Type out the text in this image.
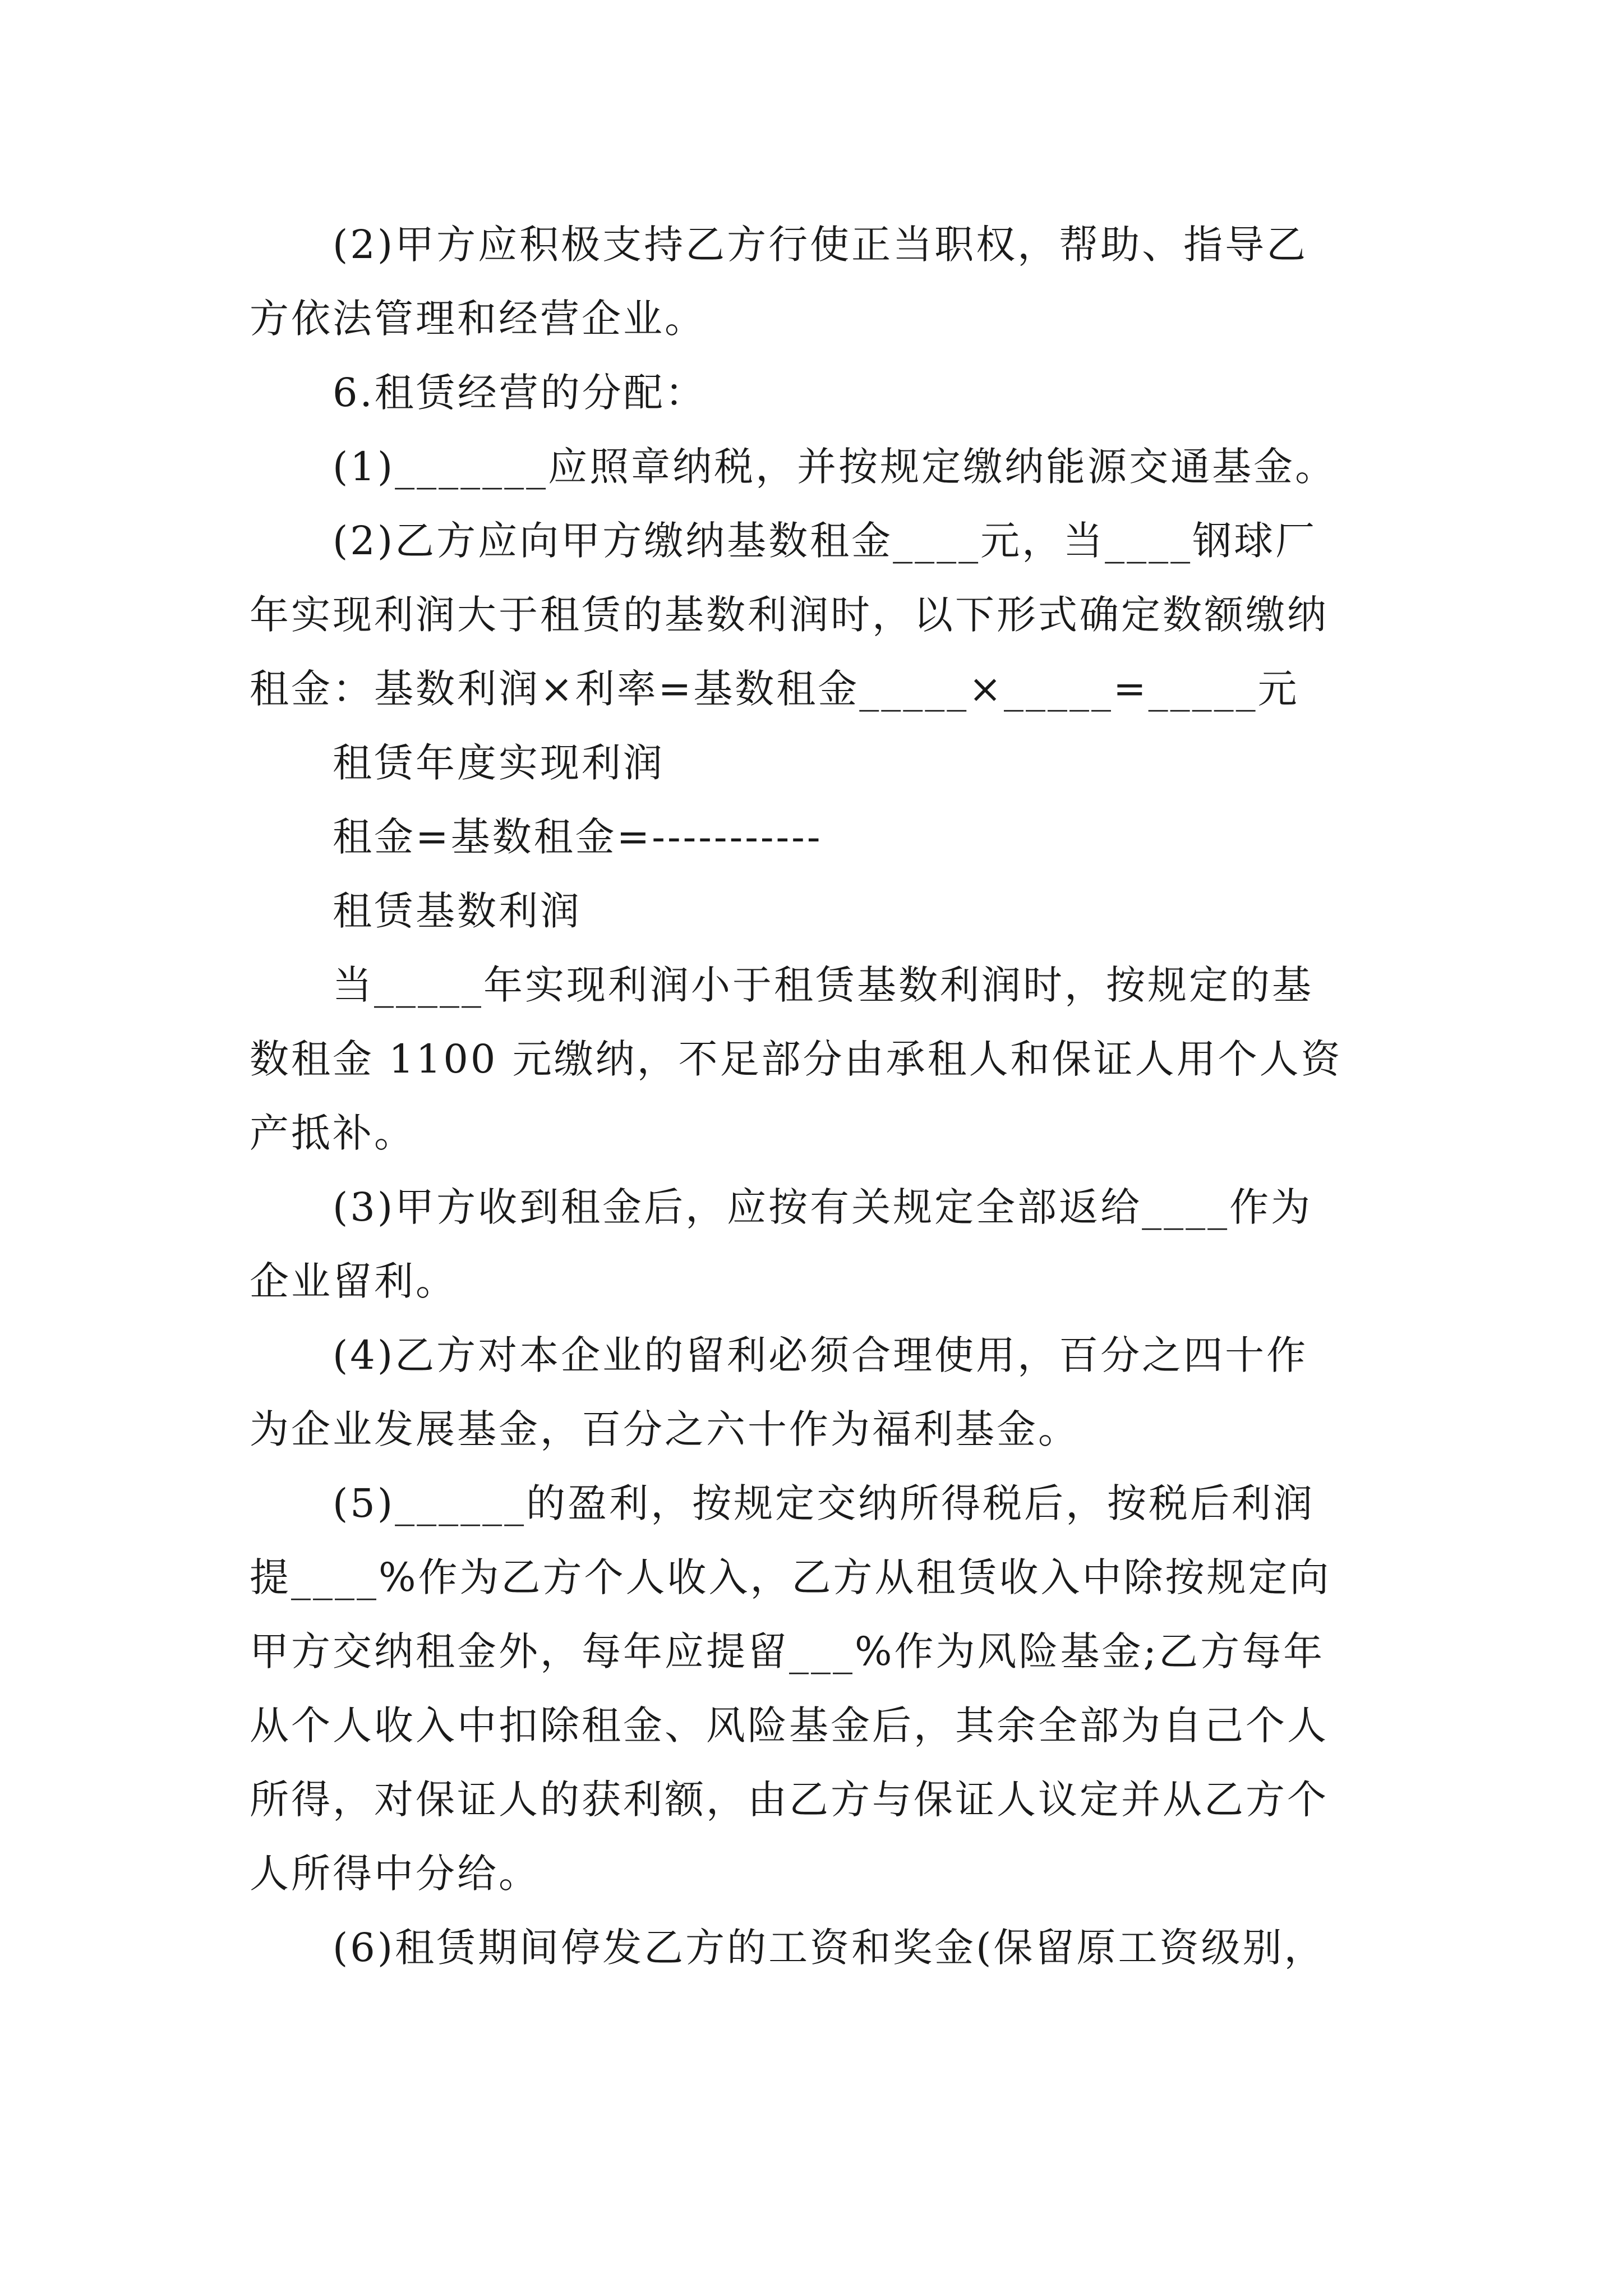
(2)甲方应积极支持乙方行使正当职权，帮助、指导乙
方依法管理和经营企业。
6.租赁经营的分配：
(1)_______应照章纳税，并按规定缴纳能源交通基金。
(2)乙方应向甲方缴纳基数租金____元，当____钢球厂
年实现利润大于租赁的基数利润时，以下形式确定数额缴纳
租金：基数利润×利率=基数租金_____×_____=_____元
租赁年度实现利润
租金=基数租金=-----------
租赁基数利润
当_____年实现利润小于租赁基数利润时，按规定的基
数租金 1100 元缴纳，不足部分由承租人和保证人用个人资
产抵补。
(3)甲方收到租金后，应按有关规定全部返给____作为
企业留利。
(4)乙方对本企业的留利必须合理使用，百分之四十作
为企业发展基金，百分之六十作为福利基金。
(5)______的盈利，按规定交纳所得税后，按税后利润
提____%作为乙方个人收入，乙方从租赁收入中除按规定向
甲方交纳租金外，每年应提留___%作为风险基金;乙方每年
从个人收入中扣除租金、风险基金后，其余全部为自己个人
所得，对保证人的获利额，由乙方与保证人议定并从乙方个
人所得中分给。
(6)租赁期间停发乙方的工资和奖金(保留原工资级别，
